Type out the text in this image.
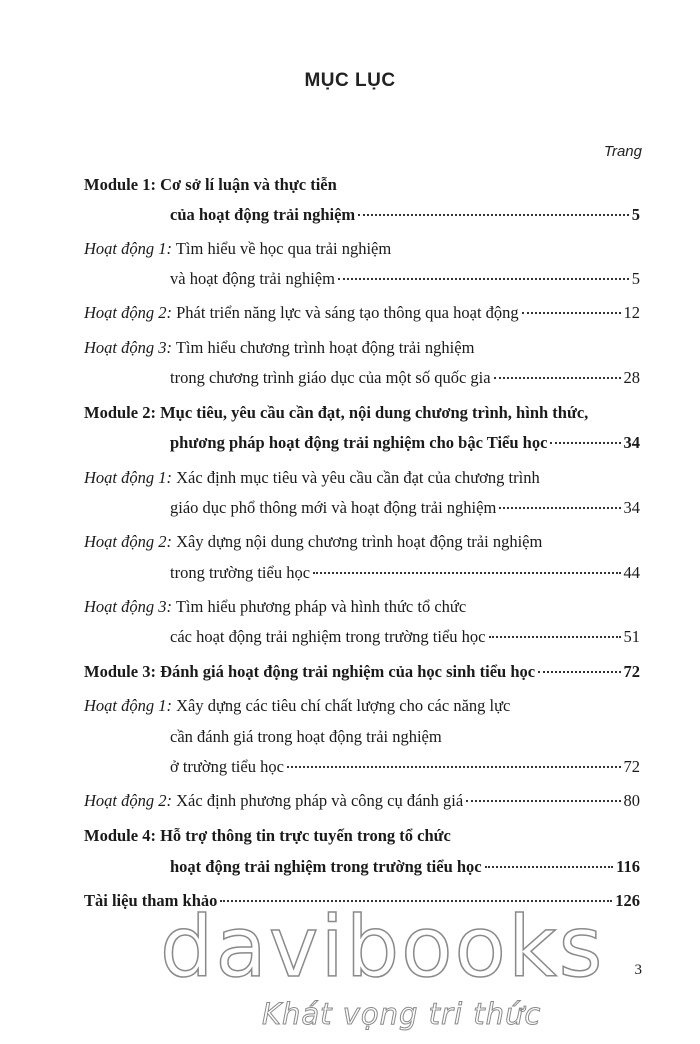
MỤC LỤC
Trang
Module 1: Cơ sở lí luận và thực tiễn
của hoạt động trải nghiệm	5
Hoạt động 1: Tìm hiểu về học qua trải nghiệm
và hoạt động trải nghiệm	5
Hoạt động 2: Phát triển năng lực và sáng tạo thông qua hoạt động	12
Hoạt động 3: Tìm hiểu chương trình hoạt động trải nghiệm
trong chương trình giáo dục của một số quốc gia	28
Module 2: Mục tiêu, yêu cầu cần đạt, nội dung chương trình, hình thức,
phương pháp hoạt động trải nghiệm cho bậc Tiểu học	34
Hoạt động 1: Xác định mục tiêu và yêu cầu cần đạt của chương trình
giáo dục phổ thông mới và hoạt động trải nghiệm	34
Hoạt động 2: Xây dựng nội dung chương trình hoạt động trải nghiệm
trong trường tiểu học	44
Hoạt động 3: Tìm hiểu phương pháp và hình thức tổ chức
các hoạt động trải nghiệm trong trường tiểu học	51
Module 3: Đánh giá hoạt động trải nghiệm của học sinh tiểu học	72
Hoạt động 1: Xây dựng các tiêu chí chất lượng cho các năng lực
cần đánh giá trong hoạt động trải nghiệm
ở trường tiểu học	72
Hoạt động 2: Xác định phương pháp và công cụ đánh giá	80
Module 4: Hỗ trợ thông tin trực tuyến trong tổ chức
hoạt động trải nghiệm trong trường tiểu học	116
Tài liệu tham khảo	126
davibooks
Khát vọng tri thức
3
